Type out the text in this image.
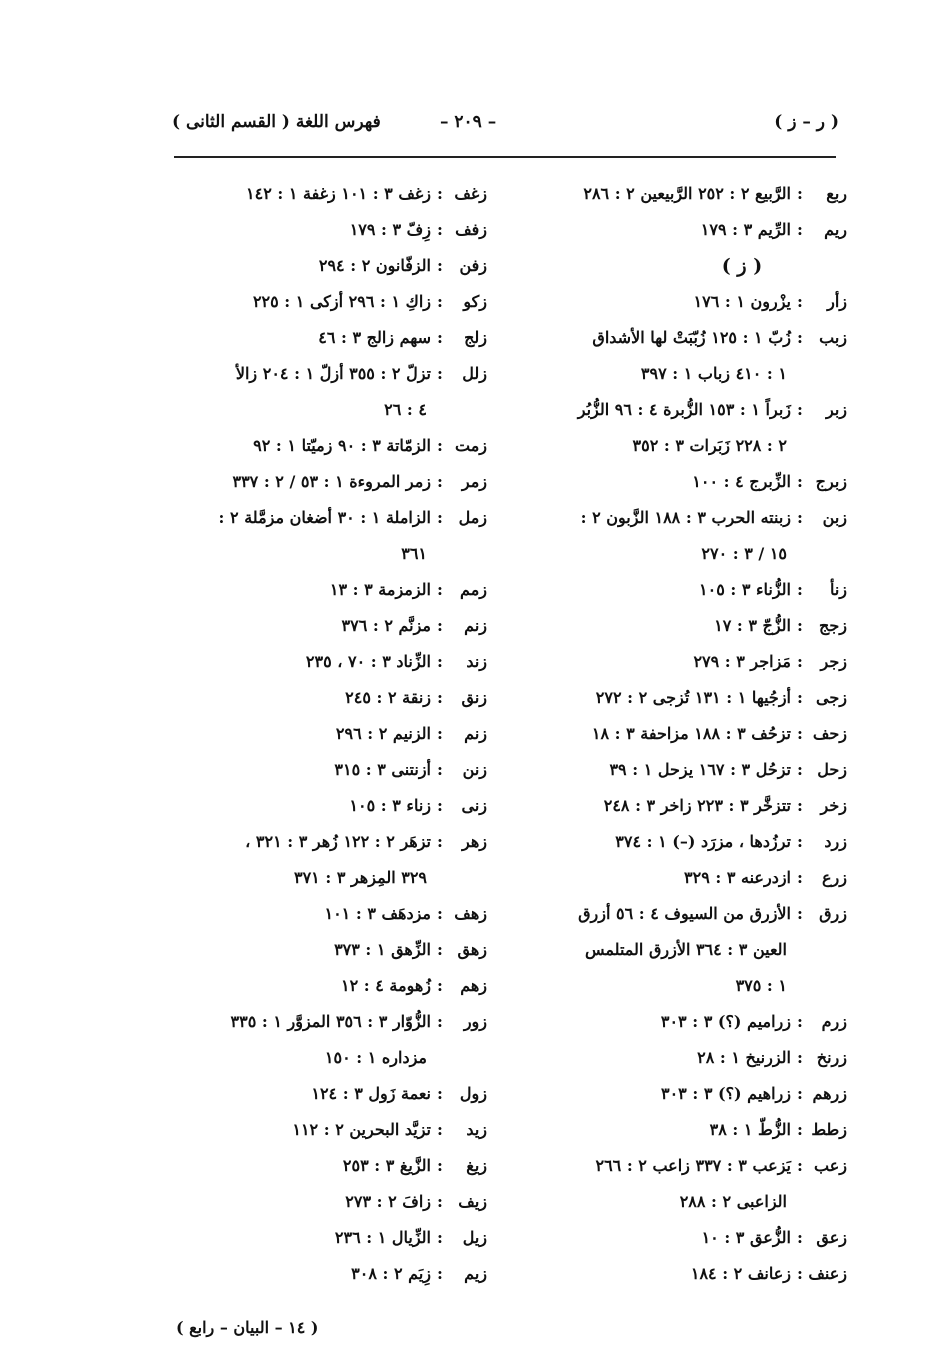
( ر – ز )
– ٢٠٩ –
فهرس اللغة ( القسم الثانى )
ربع
:
الرَّبيع ٢ : ٢٥٢ الرَّبيعين ٢ : ٢٨٦
ريم
:
الرِّيم ٣ : ١٧٩
( ز )
زأر
:
يزْرون ١ : ١٧٦
زبب
:
زُبّ ١ : ١٢٥ زُبّبَتْ لها الأشداق
١ : ٤١٠ زباب ١ : ٣٩٧
زبر
:
زَبراً ١ : ١٥٣ الزُّبرة ٤ : ٩٦ الزُّبُر
٢ : ٢٢٨ زَبَرات ٣ : ٣٥٢
زبرج
:
الزِّبرج ٤ : ١٠٠
زبن
:
زبنته الحرب ٣ : ١٨٨ الزَّبون ٢ :
١٥ / ٣ : ٢٧٠
زنأ
:
الزُّناء ٣ : ١٠٥
زجج
:
الزُّجّ ٣ : ١٧
زجر
:
مَزاجر ٣ : ٢٧٩
زجى
:
أزجُيها ١ : ١٣١ تُزجى ٢ : ٢٧٢
زحف
:
تزحُف ٣ : ١٨٨ مزاحفة ٣ : ١٨
زحل
:
تزحُل ٣ : ١٦٧ يزحل ١ : ٣٩
زخر
:
تتزخَّر ٣ : ٢٢٣ زاخر ٣ : ٢٤٨
زرد
:
ترزُدها ، مزرَد (–) ١ : ٣٧٤
زرع
:
ازدرعنه ٣ : ٣٢٩
زرق
:
الأزرق من السيوف ٤ : ٥٦ أزرق
العين ٣ : ٣٦٤ الأزرق المتلمس
١ : ٣٧٥
زرم
:
زراميم (؟) ٣ : ٣٠٣
زرنخ
:
الزرنيخ ١ : ٢٨
زرهم
:
زراهيم (؟) ٣ : ٣٠٣
زطط
:
الزُّطّ ١ : ٣٨
زعب
:
يَزعب ٣ : ٣٣٧ زاعب ٢ : ٢٦٦
الزاعبى ٢ : ٢٨٨
زعق
:
الزُّعق ٣ : ١٠
زعنف
:
زعانف ٢ : ١٨٤
زغف
:
زغف ٣ : ١٠١ زغفة ١ : ١٤٢
زفف
:
زِفّ ٣ : ١٧٩
زفن
:
الزفّانون ٢ : ٢٩٤
زكو
:
زاكِ ١ : ٢٩٦ أزكى ١ : ٢٢٥
زلج
:
سهم زالج ٣ : ٤٦
زلل
:
تزلّ ٢ : ٣٥٥ أزلّ ١ : ٢٠٤ زالأ
٤ : ٢٦
زمت
:
الزمّاتة ٣ : ٩٠ زميّتا ١ : ٩٢
زمر
:
زمر المروءة ١ : ٥٣ / ٢ : ٣٣٧
زمل
:
الزاملة ١ : ٣٠ أضغان مزمَّلة ٢ :
٣٦١
زمم
:
الزمزمة ٣ : ١٣
زنم
:
مزنَّم ٢ : ٣٧٦
زند
:
الزِّناد ٣ : ٧٠ ، ٢٣٥
زنق
:
زنقة ٢ : ٢٤٥
زنم
:
الزنيم ٢ : ٢٩٦
زنن
:
أزنتنى ٣ : ٣١٥
زنى
:
زناء ٣ : ١٠٥
زهر
:
تزهَر ٢ : ١٢٢ زُهر ٣ : ٣٢١ ،
٣٢٩ المِزهر ٣ : ٣٧١
زهف
:
مزدهَف ٣ : ١٠١
زهق
:
الزِّهق ١ : ٣٧٣
زهم
:
زُهومة ٤ : ١٢
زور
:
الزُّوّار ٣ : ٣٥٦ المزوَّر ١ : ٣٣٥
مزداره ١ : ١٥٠
زول
:
نعمة زَول ٣ : ١٢٤
زيد
:
تزيَّد البحرين ٢ : ١١٢
زيغ
:
الزَّيغ ٣ : ٢٥٣
زيف
:
زافَ ٢ : ٢٧٣
زيل
:
الزِّيال ١ : ٢٣٦
زيم
:
زِيَم ٢ : ٣٠٨
( ١٤ – البيان – رابع )
